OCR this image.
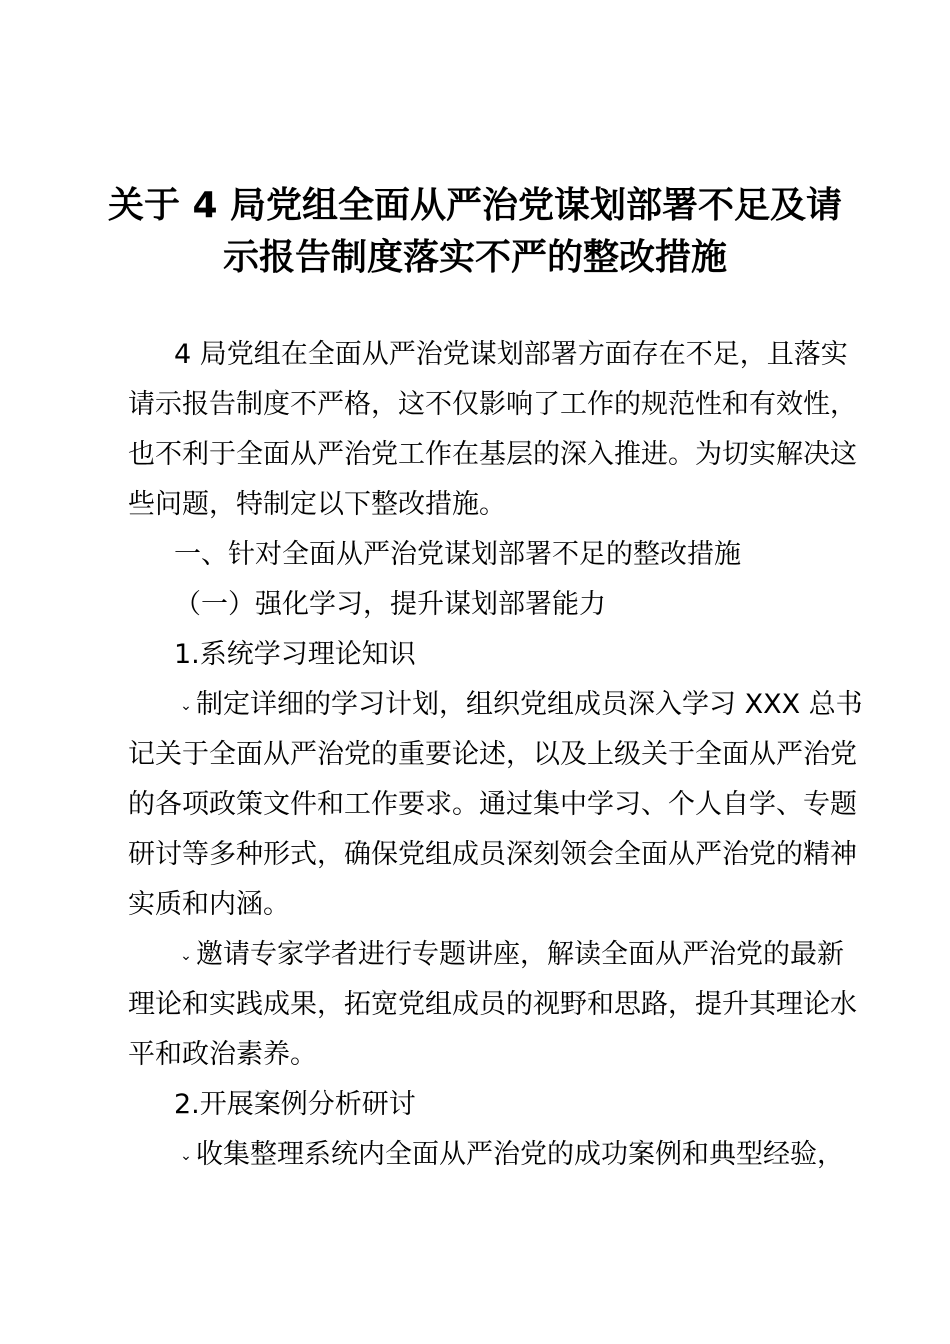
关于 4 局党组全面从严治党谋划部署不足及请
示报告制度落实不严的整改措施
4 局党组在全面从严治党谋划部署方面存在不足，且落实
请示报告制度不严格，这不仅影响了工作的规范性和有效性，
也不利于全面从严治党工作在基层的深入推进。为切实解决这
些问题，特制定以下整改措施。
一、针对全面从严治党谋划部署不足的整改措施
（一）强化学习，提升谋划部署能力
1.系统学习理论知识
⌄ 制定详细的学习计划，组织党组成员深入学习 XXX 总书
记关于全面从严治党的重要论述，以及上级关于全面从严治党
的各项政策文件和工作要求。通过集中学习、个人自学、专题
研讨等多种形式，确保党组成员深刻领会全面从严治党的精神
实质和内涵。
⌄ 邀请专家学者进行专题讲座，解读全面从严治党的最新
理论和实践成果，拓宽党组成员的视野和思路，提升其理论水
平和政治素养。
2.开展案例分析研讨
⌄ 收集整理系统内全面从严治党的成功案例和典型经验，
